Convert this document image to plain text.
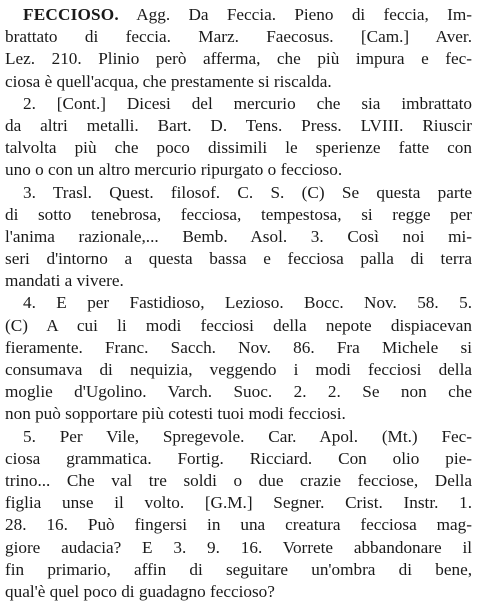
FECCIOSO. Agg. Da Feccia. Pieno di feccia, Im-
brattato di feccia. Marz. Faecosus. [Cam.] Aver.
Lez. 210. Plinio però afferma, che più impura e fec-
ciosa è quell'acqua, che prestamente si riscalda.
2. [Cont.] Dicesi del mercurio che sia imbrattato
da altri metalli. Bart. D. Tens. Press. LVIII. Riuscir
talvolta più che poco dissimili le sperienze fatte con
uno o con un altro mercurio ripurgato o feccioso.
3. Trasl. Quest. filosof. C. S. (C) Se questa parte
di sotto tenebrosa, fecciosa, tempestosa, si regge per
l'anima razionale,... Bemb. Asol. 3. Così noi mi-
seri d'intorno a questa bassa e fecciosa palla di terra
mandati a vivere.
4. E per Fastidioso, Lezioso. Bocc. Nov. 58. 5.
(C) A cui li modi fecciosi della nepote dispiacevan
fieramente. Franc. Sacch. Nov. 86. Fra Michele si
consumava di nequizia, veggendo i modi fecciosi della
moglie d'Ugolino. Varch. Suoc. 2. 2. Se non che
non può sopportare più cotesti tuoi modi fecciosi.
5. Per Vile, Spregevole. Car. Apol. (Mt.) Fec-
ciosa grammatica. Fortig. Ricciard. Con olio pie-
trino... Che val tre soldi o due crazie fecciose, Della
figlia unse il volto. [G.M.] Segner. Crist. Instr. 1.
28. 16. Può fingersi in una creatura fecciosa mag-
giore audacia? E 3. 9. 16. Vorrete abbandonare il
fin primario, affin di seguitare un'ombra di bene,
qual'è quel poco di guadagno feccioso?
